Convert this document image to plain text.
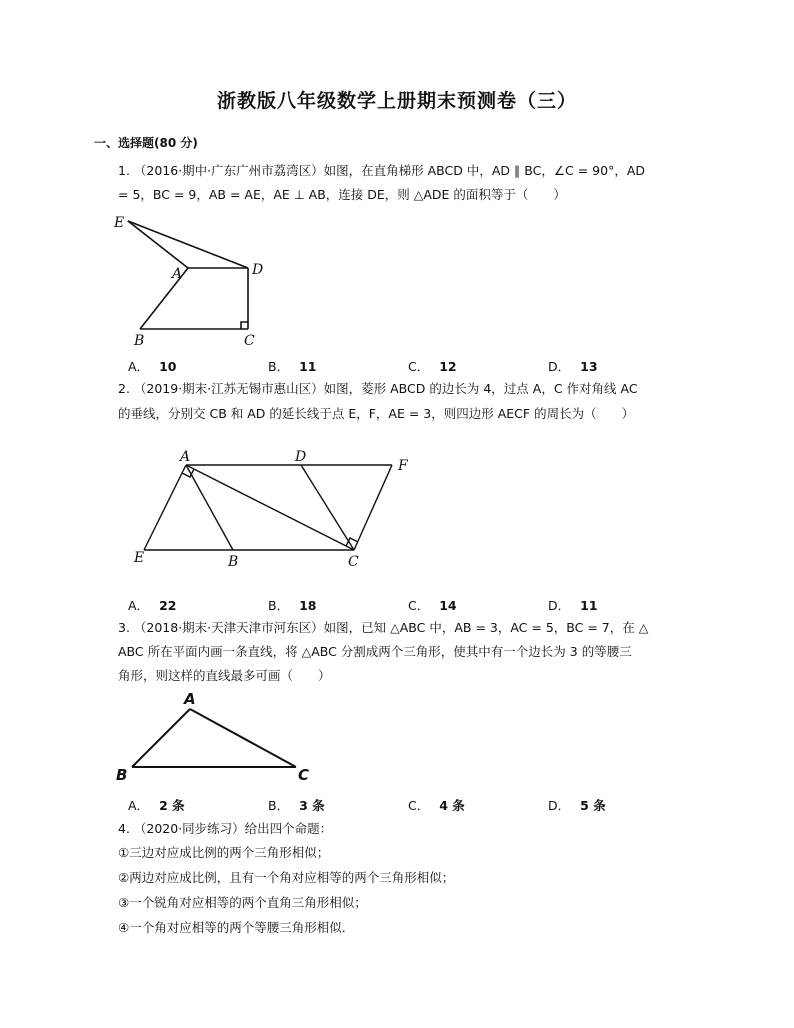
浙教版八年级数学上册期末预测卷（三）
一、选择题(80 分)
1. （2016·期中·广东广州市荔湾区）如图，在直角梯形 ABCD 中，AD ∥ BC，∠C = 90°，AD
= 5，BC = 9，AB = AE，AE ⊥ AB，连接 DE，则 △ADE 的面积等于（　　）
E
A	D
B	C
A． 10	B． 11	C． 12	D． 13
2. （2019·期末·江苏无锡市惠山区）如图，菱形 ABCD 的边长为 4，过点 A，C 作对角线 AC
的垂线，分别交 CB 和 AD 的延长线于点 E，F，AE = 3，则四边形 AECF 的周长为（　　）
A	D
F
E	B	C
A． 22	B． 18	C． 14	D． 11
3. （2018·期末·天津天津市河东区）如图，已知 △ABC 中，AB = 3，AC = 5，BC = 7，在 △
ABC 所在平面内画一条直线，将 △ABC 分割成两个三角形，使其中有一个边长为 3 的等腰三
角形，则这样的直线最多可画（　　）
A
B	C
A． 2 条	B． 3 条	C． 4 条	D． 5 条
4. （2020·同步练习）给出四个命题：
①三边对应成比例的两个三角形相似；
②两边对应成比例，且有一个角对应相等的两个三角形相似；
③一个锐角对应相等的两个直角三角形相似；
④一个角对应相等的两个等腰三角形相似．
